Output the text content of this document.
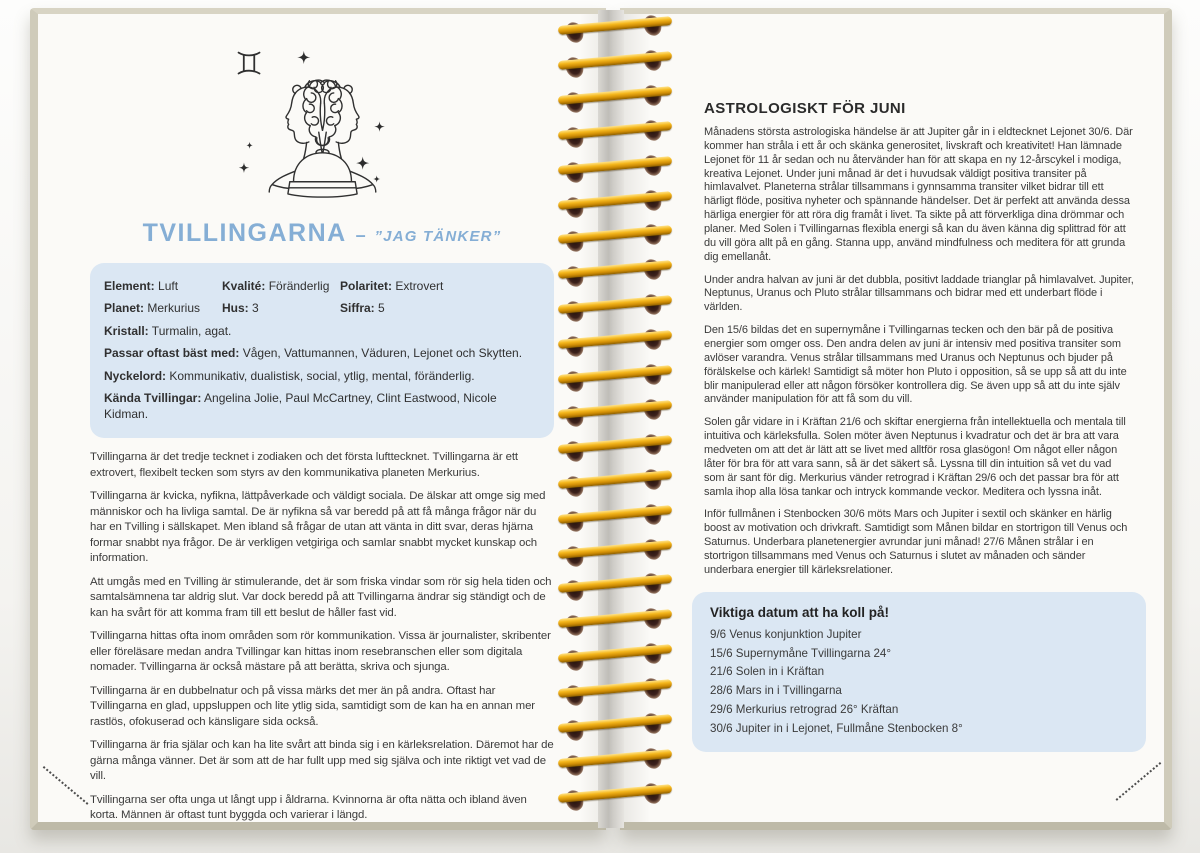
TVILLINGARNA – ”JAG TÄNKER”
Element: Luft	Kvalité: Föränderlig Polaritet: Extrovert
Planet: Merkurius	Hus: 3	Siffra: 5
Kristall: Turmalin, agat.
Passar oftast bäst med: Vågen, Vattumannen, Väduren, Lejonet och Skytten.
Nyckelord: Kommunikativ, dualistisk, social, ytlig, mental, föränderlig.
Kända Tvillingar: Angelina Jolie, Paul McCartney, Clint Eastwood, Nicole Kidman.

Tvillingarna är det tredje tecknet i zodiaken och det första lufttecknet. Tvillingarna är ett extrovert, flexibelt tecken som styrs av den kommunikativa planeten Merkurius.

Tvillingarna är kvicka, nyfikna, lättpåverkade och väldigt sociala. De älskar att omge sig med människor och ha livliga samtal. De är nyfikna så var beredd på att få många frågor när du har en Tvilling i sällskapet. Men ibland så frågar de utan att vänta in ditt svar, deras hjärna formar snabbt nya frågor. De är verkligen vetgiriga och samlar snabbt mycket kunskap och information.

Att umgås med en Tvilling är stimulerande, det är som friska vindar som rör sig hela tiden och samtalsämnena tar aldrig slut. Var dock beredd på att Tvillingarna ändrar sig ständigt och de kan ha svårt för att komma fram till ett beslut de håller fast vid.

Tvillingarna hittas ofta inom områden som rör kommunikation. Vissa är journalister, skribenter eller föreläsare medan andra Tvillingar kan hittas inom resebranschen eller som digitala nomader. Tvillingarna är också mästare på att berätta, skriva och sjunga.

Tvillingarna är en dubbelnatur och på vissa märks det mer än på andra. Oftast har Tvillingarna en glad, uppsluppen och lite ytlig sida, samtidigt som de kan ha en annan mer rastlös, ofokuserad och känsligare sida också.

Tvillingarna är fria själar och kan ha lite svårt att binda sig i en kärleksrelation. Däremot har de gärna många vänner. Det är som att de har fullt upp med sig själva och inte riktigt vet vad de vill.

Tvillingarna ser ofta unga ut långt upp i åldrarna. Kvinnorna är ofta nätta och ibland även korta. Männen är oftast tunt byggda och varierar i längd.

ASTROLOGISKT FÖR JUNI

Månadens största astrologiska händelse är att Jupiter går in i eldtecknet Lejonet 30/6. Där kommer han stråla i ett år och skänka generositet, livskraft och kreativitet! Han lämnade Lejonet för 11 år sedan och nu återvänder han för att skapa en ny 12-årscykel i modiga, kreativa Lejonet. Under juni månad är det i huvudsak väldigt positiva transiter på himlavalvet. Planeterna strålar tillsammans i gynnsamma transiter vilket bidrar till ett härligt flöde, positiva nyheter och spännande händelser. Det är perfekt att använda dessa härliga energier för att röra dig framåt i livet. Ta sikte på att förverkliga dina drömmar och planer. Med Solen i Tvillingarnas flexibla energi så kan du även känna dig splittrad för att du vill göra allt på en gång. Stanna upp, använd mindfulness och meditera för att grunda dig emellanåt.

Under andra halvan av juni är det dubbla, positivt laddade trianglar på himlavalvet. Jupiter, Neptunus, Uranus och Pluto strålar tillsammans och bidrar med ett underbart flöde i världen.

Den 15/6 bildas det en supernymåne i Tvillingarnas tecken och den bär på de positiva energier som omger oss. Den andra delen av juni är intensiv med positiva transiter som avlöser varandra. Venus strålar tillsammans med Uranus och Neptunus och bjuder på förälskelse och kärlek! Samtidigt så möter hon Pluto i opposition, så se upp så att du inte blir manipulerad eller att någon försöker kontrollera dig. Se även upp så att du inte själv använder manipulation för att få som du vill.

Solen går vidare in i Kräftan 21/6 och skiftar energierna från intellektuella och mentala till intuitiva och kärleksfulla. Solen möter även Neptunus i kvadratur och det är bra att vara medveten om att det är lätt att se livet med alltför rosa glasögon! Om något eller någon låter för bra för att vara sann, så är det säkert så. Lyssna till din intuition så vet du vad som är sant för dig. Merkurius vänder retrograd i Kräftan 29/6 och det passar bra för att samla ihop alla lösa tankar och intryck kommande veckor. Meditera och lyssna inåt.

Inför fullmånen i Stenbocken 30/6 möts Mars och Jupiter i sextil och skänker en härlig boost av motivation och drivkraft. Samtidigt som Månen bildar en stortrigon till Venus och Saturnus. Underbara planetenergier avrundar juni månad! 27/6 Månen strålar i en stortrigon tillsammans med Venus och Saturnus i slutet av månaden och sänder underbara energier till kärleksrelationer.

Viktiga datum att ha koll på!

9/6 Venus konjunktion Jupiter

15/6 Supernymåne Tvillingarna 24°

21/6 Solen in i Kräftan

28/6 Mars in i Tvillingarna

29/6 Merkurius retrograd 26° Kräftan

30/6 Jupiter in i Lejonet, Fullmåne Stenbocken 8°
